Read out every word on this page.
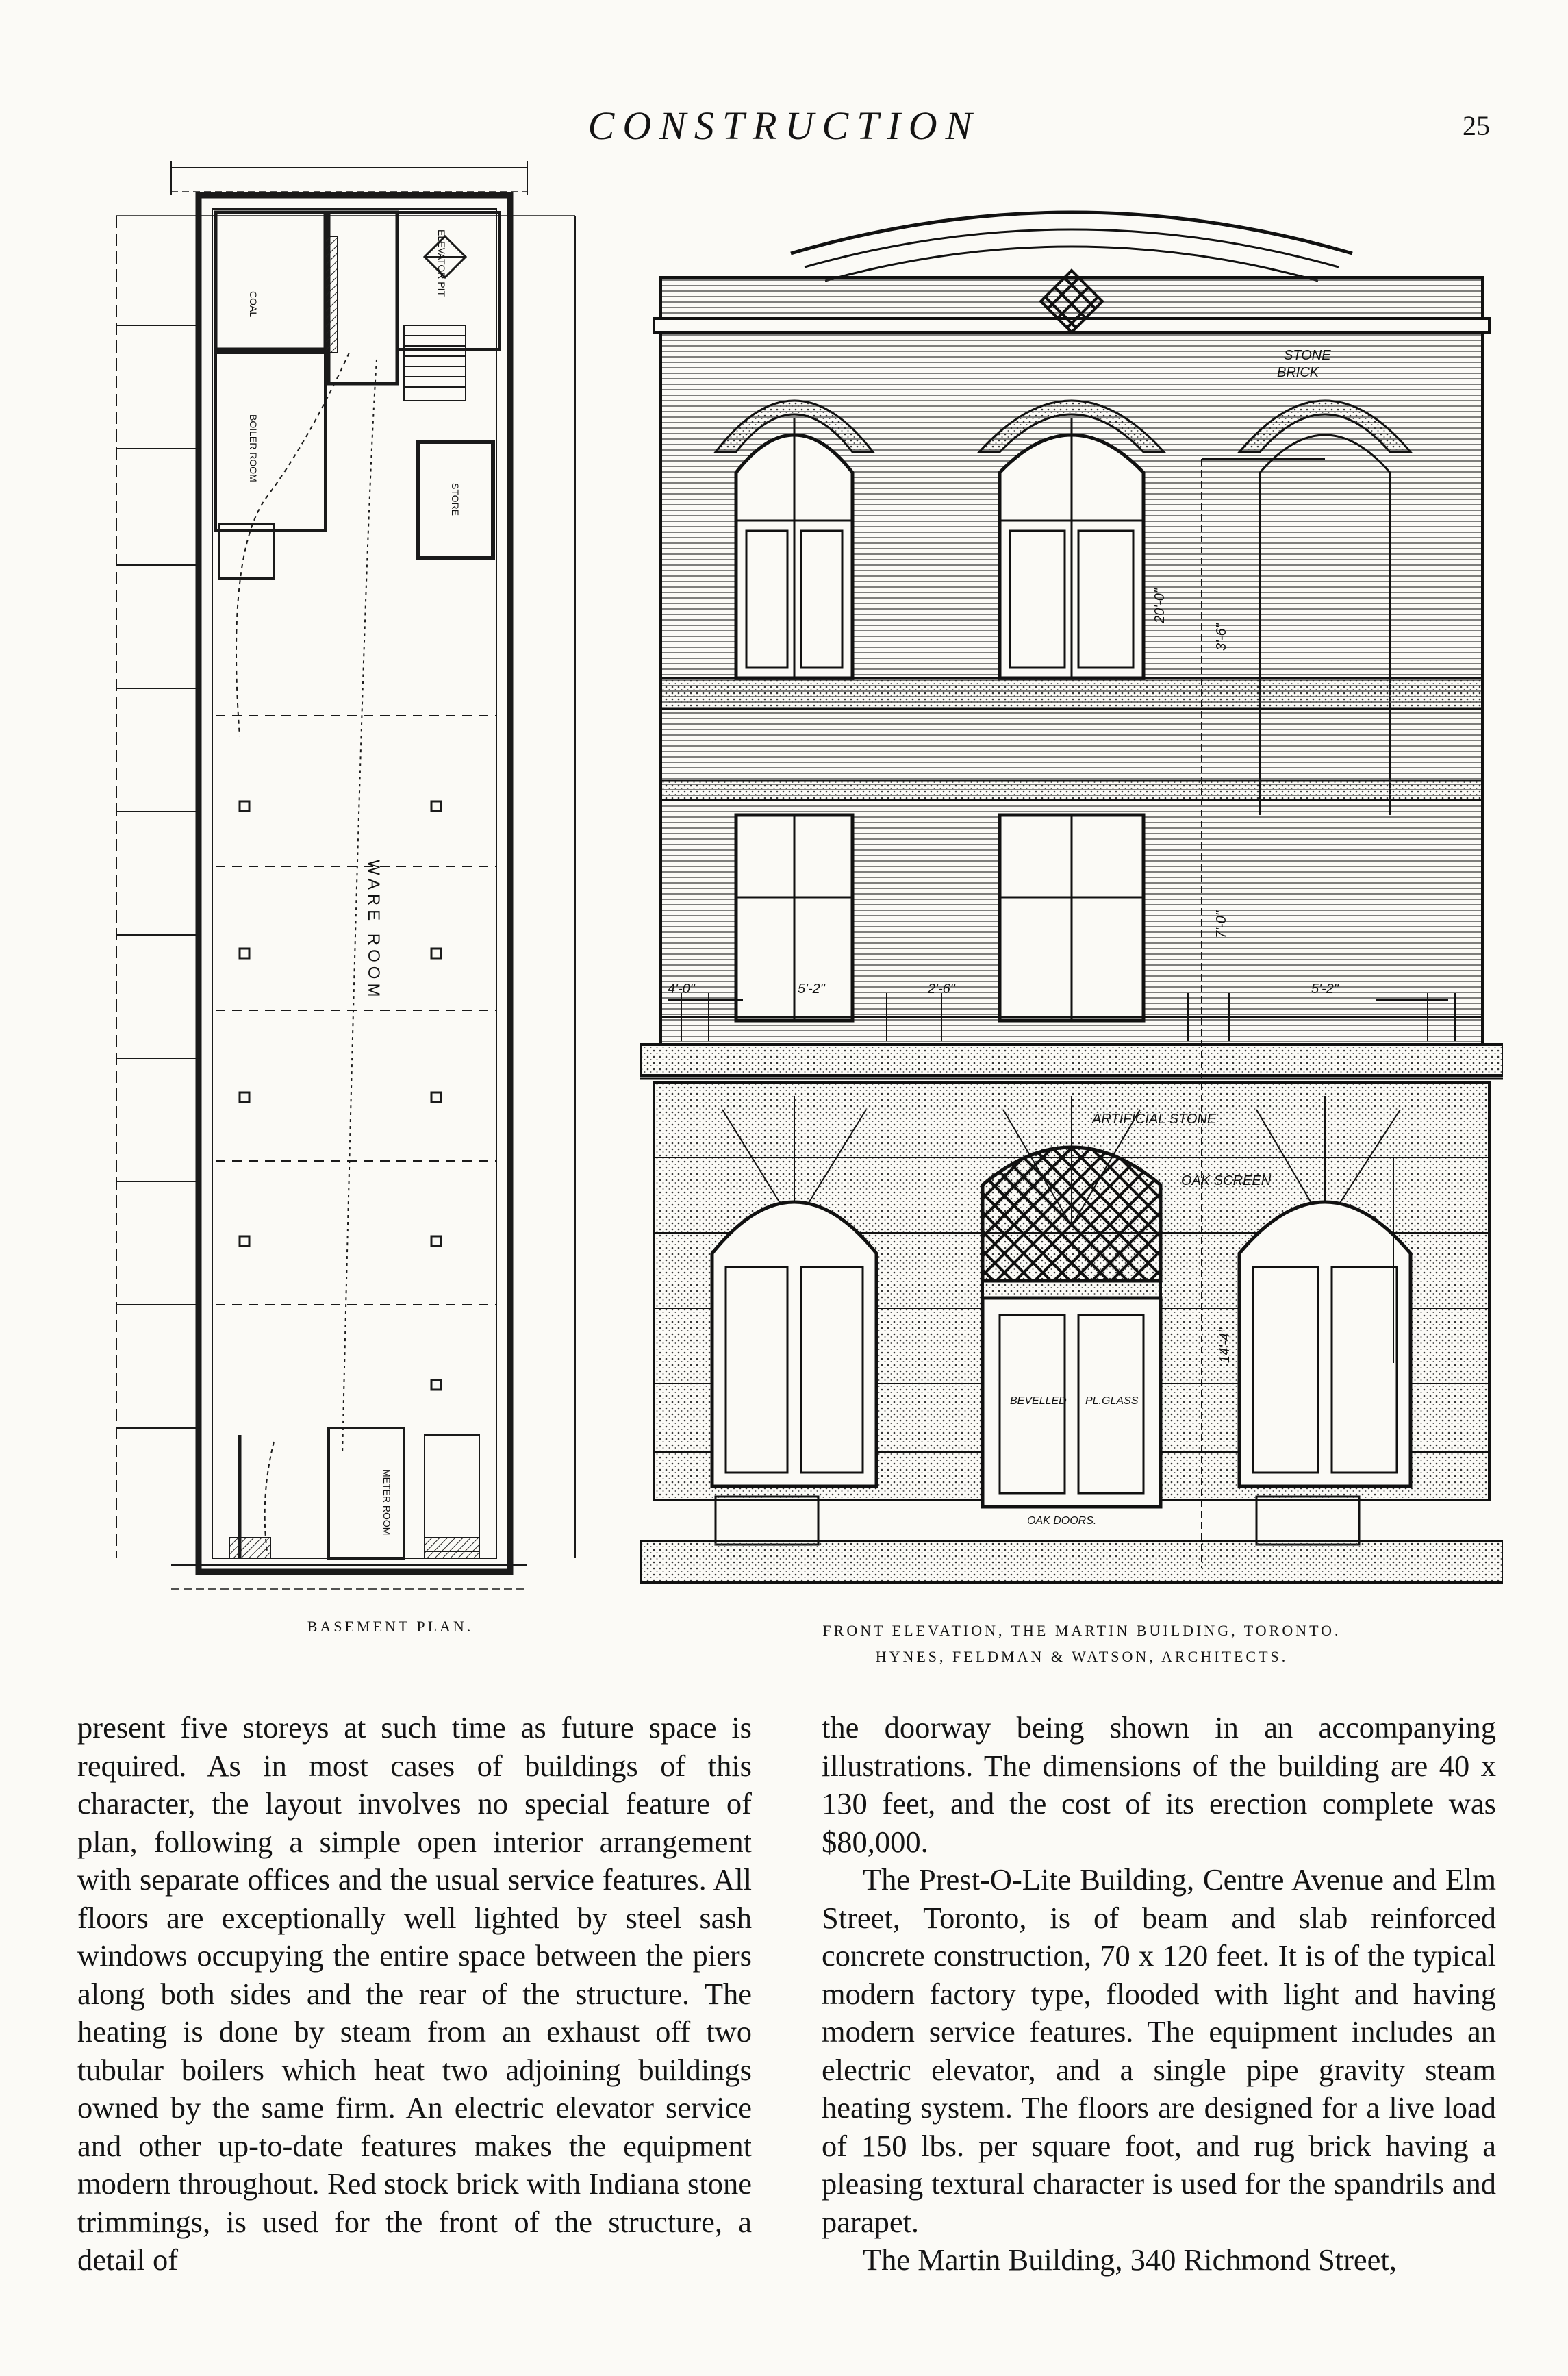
CONSTRUCTION	25
COAL
ELEVATOR PIT
STORE
BOILER ROOM
METER ROOM
WARE ROOM
STONE
BRICK
ARTIFICIAL STONE
OAK SCREEN
BEVELLED PL.GLASS
OAK DOORS.
4'-0"	5'-2"	2'-6"	5'-2"
20'-0"
7'-0"
14'-4"
3'-6"
BASEMENT PLAN.	FRONT ELEVATION, THE MARTIN BUILDING, TORONTO.
HYNES, FELDMAN & WATSON, ARCHITECTS.

present five storeys at such time as future space is required. As in most cases of buildings of this character, the layout involves no special feature of plan, following a simple open interior arrangement with separate offices and the usual service features. All floors are exceptionally well lighted by steel sash windows occupying the entire space between the piers along both sides and the rear of the structure. The heating is done by steam from an exhaust off two tubular boilers which heat two adjoining buildings owned by the same firm. An electric elevator service and other up-to-date features makes the equipment modern throughout. Red stock brick with Indiana stone trimmings, is used for the front of the structure, a detail of

the doorway being shown in an accompanying illustrations. The dimensions of the building are 40 x 130 feet, and the cost of its erection complete was $80,000.

The Prest-O-Lite Building, Centre Avenue and Elm Street, Toronto, is of beam and slab reinforced concrete construction, 70 x 120 feet. It is of the typical modern factory type, flooded with light and having modern service features. The equipment includes an electric elevator, and a single pipe gravity steam heating system. The floors are designed for a live load of 150 lbs. per square foot, and rug brick having a pleasing textural character is used for the spandrils and parapet.

The Martin Building, 340 Richmond Street,
